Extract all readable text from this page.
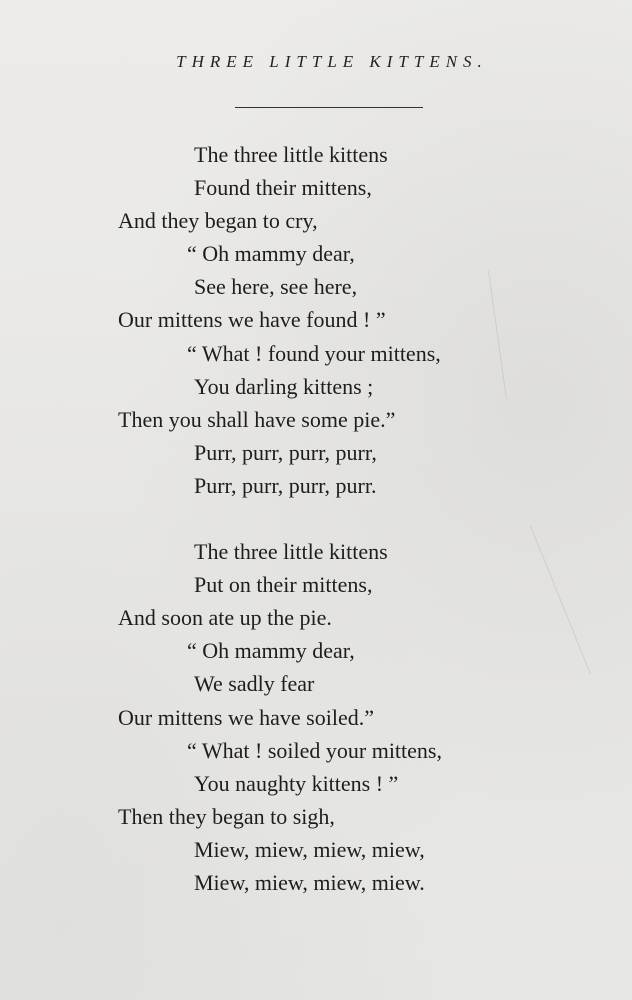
THREE LITTLE KITTENS.
The three little kittens
Found their mittens,
And they began to cry,
“ Oh mammy dear,
See here, see here,
Our mittens we have found ! ”
“ What ! found your mittens,
You darling kittens ;
Then you shall have some pie.”
Purr, purr, purr, purr,
Purr, purr, purr, purr.
The three little kittens
Put on their mittens,
And soon ate up the pie.
“ Oh mammy dear,
We sadly fear
Our mittens we have soiled.”
“ What ! soiled your mittens,
You naughty kittens ! ”
Then they began to sigh,
Miew, miew, miew, miew,
Miew, miew, miew, miew.
